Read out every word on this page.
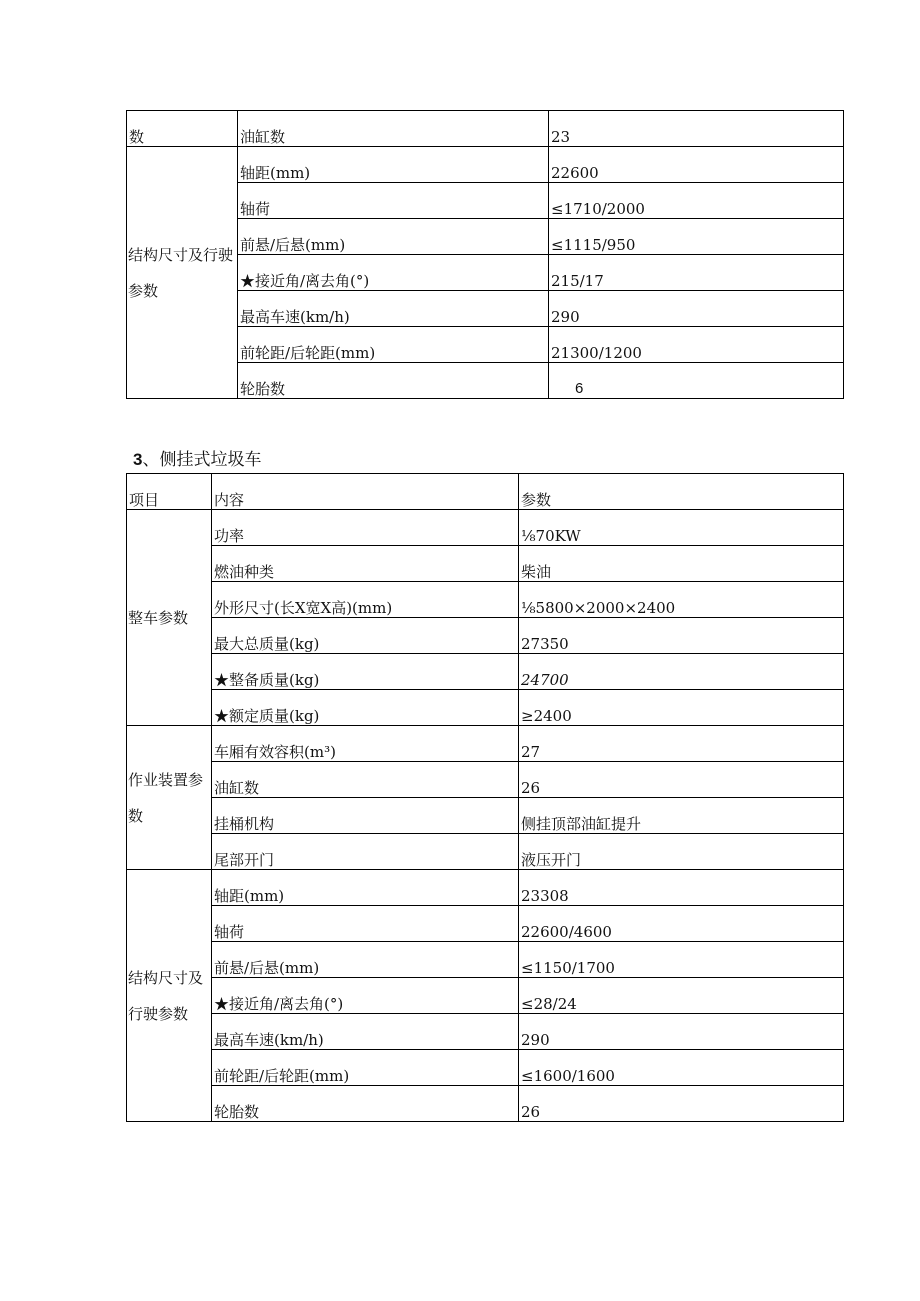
数	油缸数	23
结构尺寸及行驶参数	轴距(mm)	22600
	轴荷	≤1710/2000
	前悬/后悬(mm)	≤1115/950
	★接近角/离去角(°)	215/17
	最高车速(km/h)	290
	前轮距/后轮距(mm)	21300/1200
	轮胎数	6
3、侧挂式垃圾车
项目	内容	参数
整车参数	功率	⅛70KW
	燃油种类	柴油
	外形尺寸(长X宽X高)(mm)	⅛5800×2000×2400
	最大总质量(kg)	27350
	★整备质量(kg)	24700
	★额定质量(kg)	≥2400
作业装置参数	车厢有效容积(m³)	27
	油缸数	26
	挂桶机构	侧挂顶部油缸提升
	尾部开门	液压开门
结构尺寸及行驶参数	轴距(mm)	23308
	轴荷	22600/4600
	前悬/后悬(mm)	≤1150/1700
	★接近角/离去角(°)	≤28/24
	最高车速(km/h)	290
	前轮距/后轮距(mm)	≤1600/1600
	轮胎数	26
